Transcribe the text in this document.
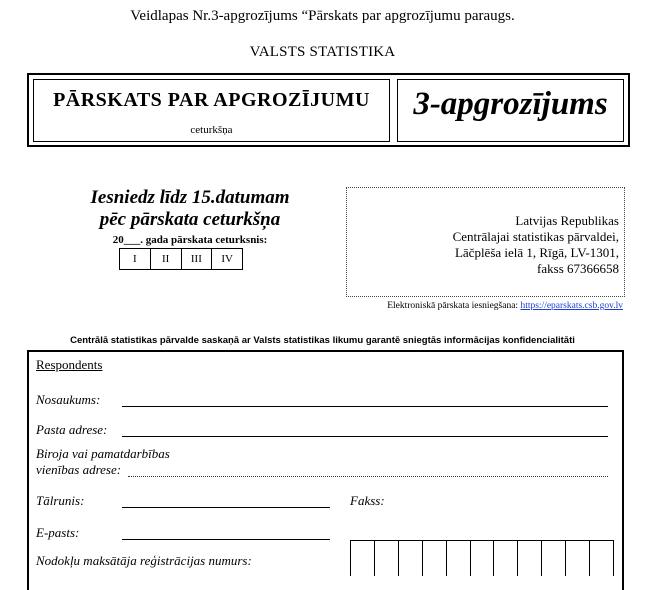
Veidlapas Nr.3-apgrozījums “Pārskats par apgrozījumu paraugs.
VALSTS STATISTIKA
PĀRSKATS PAR APGROZĪJUMU
ceturkšņa
3-apgrozījums
Iesniedz līdz 15.datumam
pēc pārskata ceturkšņa
20___. gada pārskata ceturksnis:
I	II	III	IV
Latvijas Republikas
Centrālajai statistikas pārvaldei,
Lāčplēša ielā 1, Rīgā, LV-1301,
fakss 67366658
Elektroniskā pārskata iesniegšana: https://eparskats.csb.gov.lv
Centrālā statistikas pārvalde saskaņā ar Valsts statistikas likumu garantē sniegtās informācijas konfidencialitāti
Respondents
Nosaukums:
Pasta adrese:
Biroja vai pamatdarbības
vienības adrese:
Tālrunis:	Fakss:
E-pasts:
Nodokļu maksātāja reģistrācijas numurs:
